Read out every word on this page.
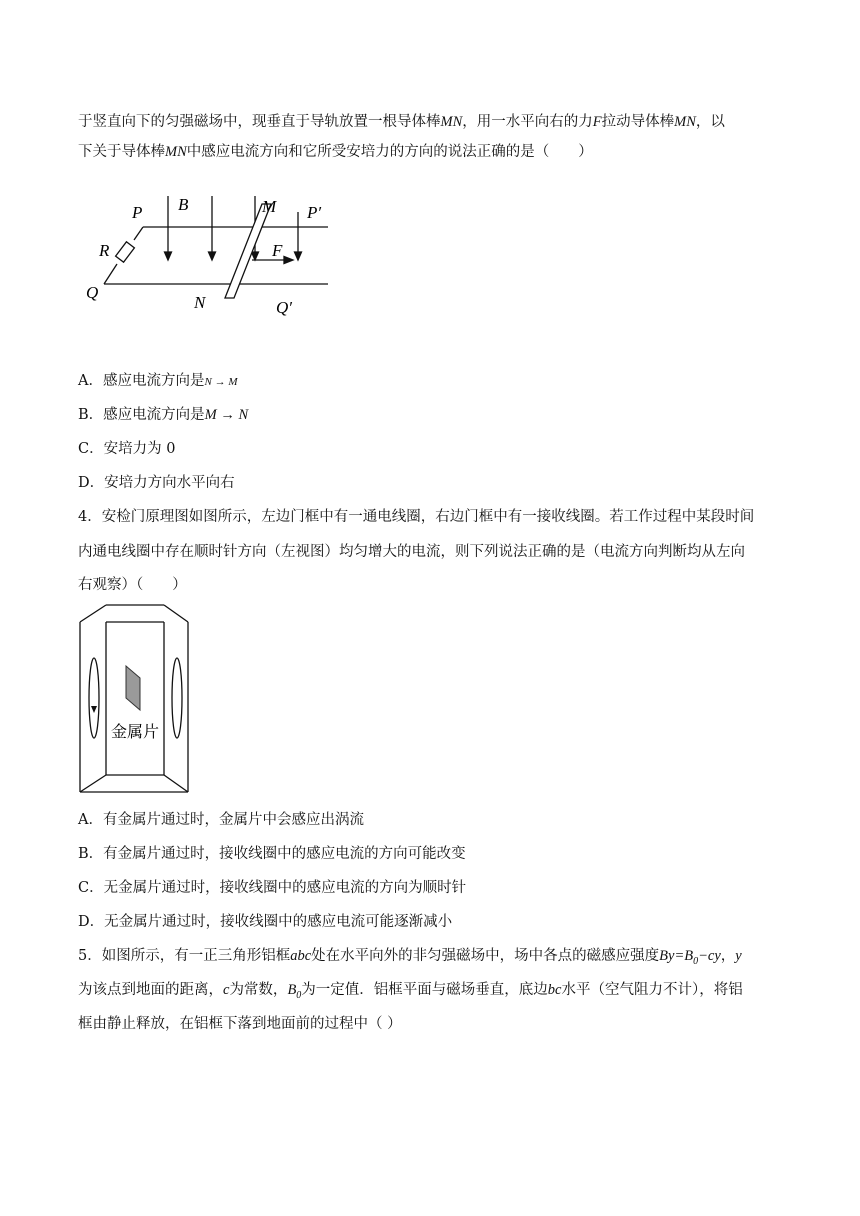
于竖直向下的匀强磁场中，现垂直于导轨放置一根导体棒MN，用一水平向右的力F拉动导体棒MN，以
下关于导体棒MN中感应电流方向和它所受安培力的方向的说法正确的是（　　）
P B	M P′
R	F
Q
N	Q′
A．感应电流方向是N → M
B．感应电流方向是M → N
C．安培力为 0
D．安培力方向水平向右
4．安检门原理图如图所示，左边门框中有一通电线圈，右边门框中有一接收线圈。若工作过程中某段时间
内通电线圈中存在顺时针方向（左视图）均匀增大的电流，则下列说法正确的是（电流方向判断均从左向
右观察）（　　）
金属片
A．有金属片通过时，金属片中会感应出涡流
B．有金属片通过时，接收线圈中的感应电流的方向可能改变
C．无金属片通过时，接收线圈中的感应电流的方向为顺时针
D．无金属片通过时，接收线圈中的感应电流可能逐渐减小
5．如图所示，有一正三角形铝框abc处在水平向外的非匀强磁场中，场中各点的磁感应强度$By=B_0-cy$，y
为该点到地面的距离，c为常数，$B_0$为一定值．铝框平面与磁场垂直，底边bc水平（空气阻力不计），将铝
框由静止释放，在铝框下落到地面前的过程中（ ）
